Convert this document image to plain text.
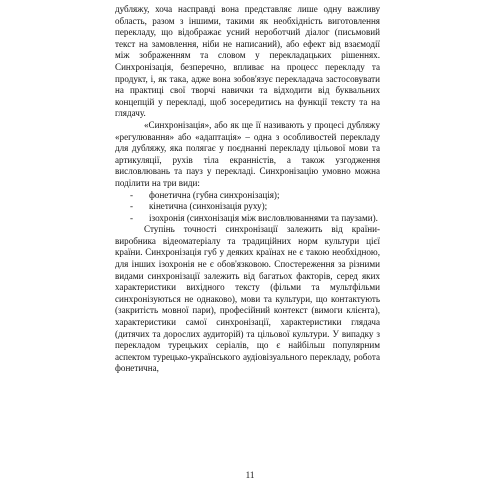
дубляжу, хоча насправді вона представляє лише одну важливу область, разом з іншими, такими як необхідність виготовлення перекладу, що відображає усний нероботчий діалог (письмовий текст на замовлення, ніби не написаний), або ефект від взаємодії між зображенням та словом у перекладацьких рішеннях. Синхронізація, безперечно, впливає на процесс перекладу та продукт, і, як така, адже вона зобов'язує перекладача застосовувати на практиці свої творчі навички та відходити від буквальних концепцій у перекладі, щоб зосередитись на функції тексту та на глядачу.

«Синхронізація», або як ще її називають у процесі дубляжу «регулювання» або «адаптація» – одна з особливостей перекладу для дубляжу, яка полягає у поєднанні перекладу цільової мови та артикуляції, рухів тіла екранністів, а також узгодження висловлювань та пауз у перекладі. Синхронізацію умовно можна поділити на три види:

-	фонетична (губна синхронізація);
-	кінетична (синхонізація руху);
-	ізохронія (синхонізація між висловлюваннями та паузами).

Ступінь точності синхронізації залежить від країни-виробника відеоматеріалу та традиційних норм культури цієї країни. Синхронізація губ у деяких країнах не є такою необхідною, для інших ізохронія не є обов'язковою. Спостереження за різними видами синхронізації залежить від багатьох факторів, серед яких характеристики вихідного тексту (фільми та мультфільми синхронізуються не однаково), мови та культури, що контактують (закритість мовної пари), професійний контекст (вимоги клієнта), характеристики самої синхронізації, характеристики глядача (дитячих та дорослих аудиторій) та цільової культури. У випадку з перекладом турецьких серіалів, що є найбільш популярним аспектом турецько-українського аудіовізуального перекладу, робота фонетична,

11
